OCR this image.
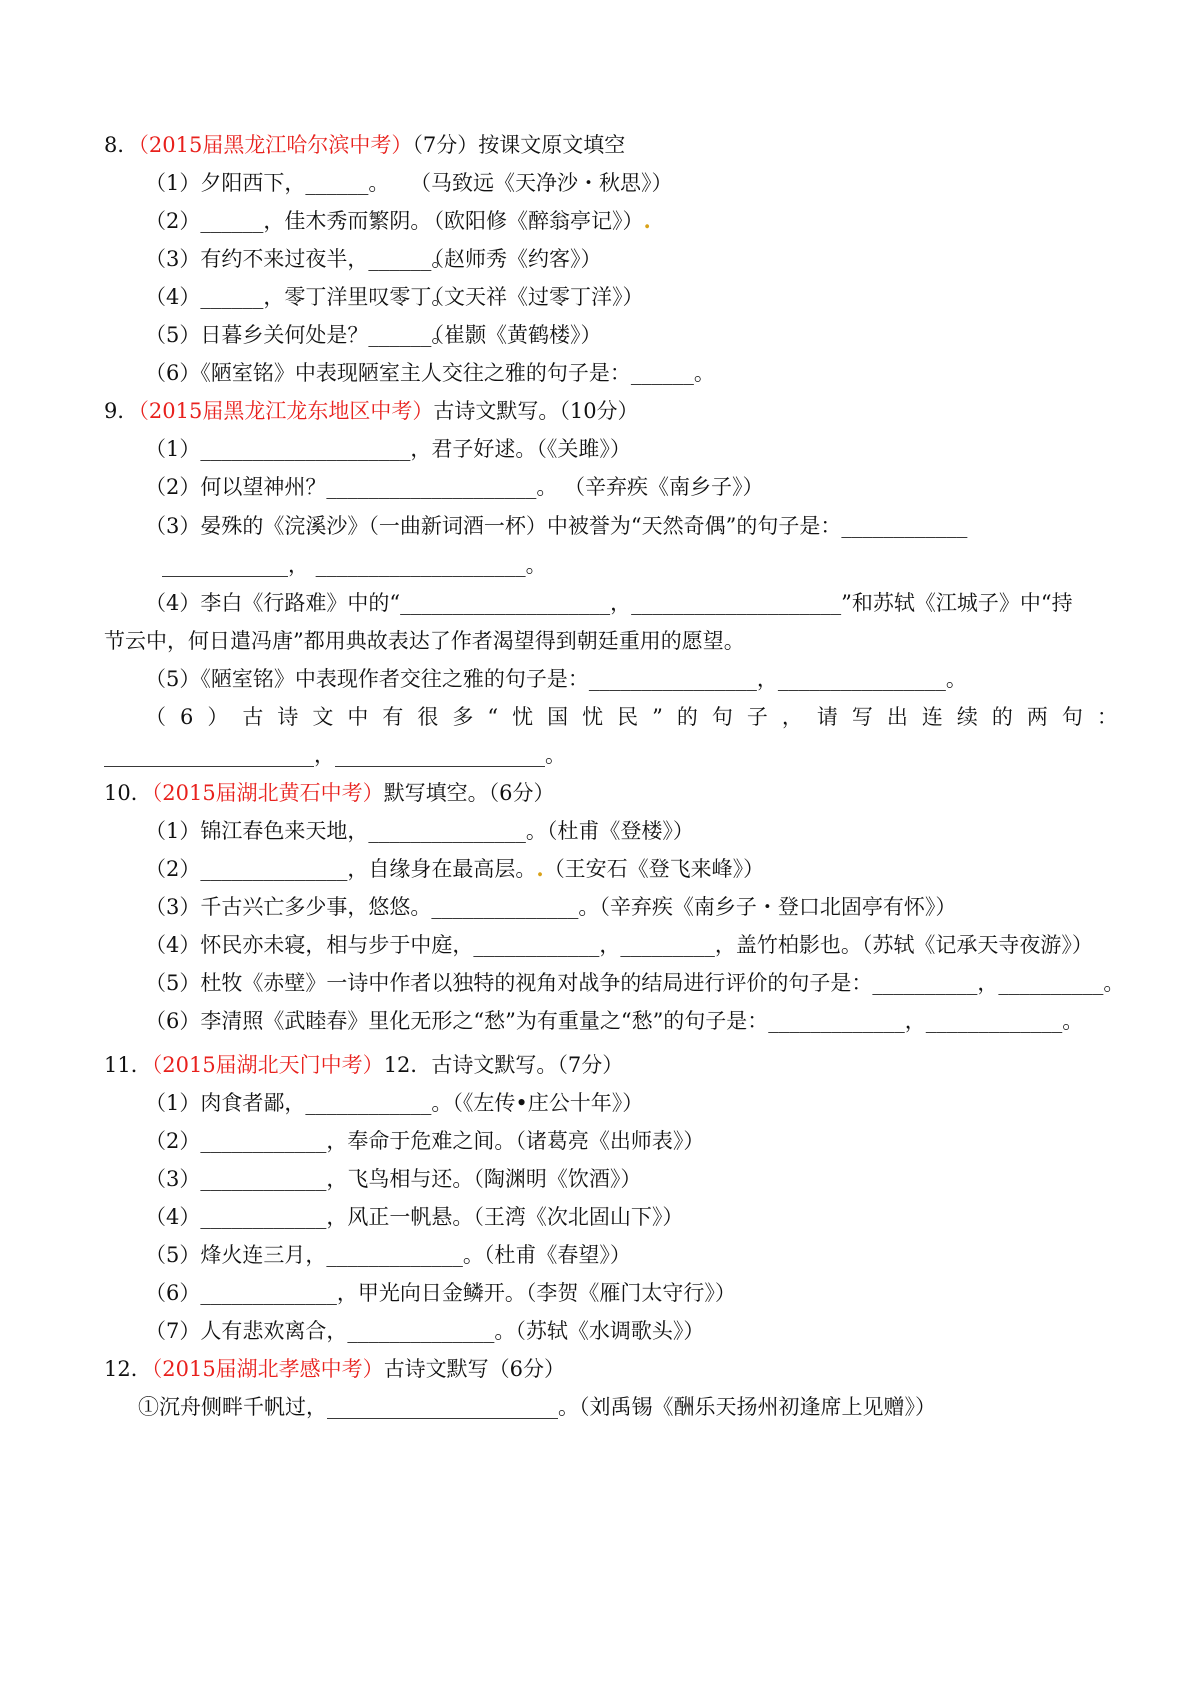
8．（2015届黑龙江哈尔滨中考）（7分）按课文原文填空
（1）夕阳西下，______。 （马致远《天净沙・秋思》）
（2）______，佳木秀而繁阴。
（欧阳修《醉翁亭记》）.
（3）有约不来过夜半，______。
（赵师秀《约客》）
（4）______，零丁洋里叹零丁。
（文天祥《过零丁洋》）
（5）日暮乡关何处是？______。
（崔颢《黄鹤楼》）
（6）《陋室铭》中表现陋室主人交往之雅的句子是：______。
9．（2015届黑龙江龙东地区中考）古诗文默写。（10分）
（1）____________________，君子好逑。（《关雎》）
（2）何以望神州？____________________。 （辛弃疾《南乡子》）
（3）晏殊的《浣溪沙》（一曲新词酒一杯）中被誉为“天然奇偶”的句子是：____________
____________， ____________________。
（4）李白《行路难》中的“____________________，____________________”和苏轼《江城子》中“持
节云中，何日遣冯唐”都用典故表达了作者渴望得到朝廷重用的愿望。
（5）《陋室铭》中表现作者交往之雅的句子是：________________，________________。
（6）古诗文中有很多“忧国忧民”的句子，请写出连续的两句：
____________________，____________________。
10．（2015届湖北黄石中考）默写填空。（6分）
（1）锦江春色来天地，_______________。（杜甫《登楼》）
（2）______________，自缘身在最高层。.（王安石《登飞来峰》）
（3）千古兴亡多少事，悠悠。______________。（辛弃疾《南乡子・登口北固亭有怀》）
（4）怀民亦未寝，相与步于中庭，____________，_________，盖竹柏影也。（苏轼《记承天寺夜游》）
（5）杜牧《赤壁》一诗中作者以独特的视角对战争的结局进行评价的句子是：__________，__________。
（6）李清照《武睦春》里化无形之“愁”为有重量之“愁”的句子是：_____________，_____________。
11．（2015届湖北天门中考）12．古诗文默写。（7分）
（1）肉食者鄙，____________。（《左传•庄公十年》）
（2）____________，奉命于危难之间。（诸葛亮《出师表》）
（3）____________，飞鸟相与还。（陶渊明《饮酒》）
（4）____________，风正一帆悬。（王湾《次北固山下》）
（5）烽火连三月，_____________。（杜甫《春望》）
（6）_____________，甲光向日金鳞开。（李贺《雁门太守行》）
（7）人有悲欢离合，______________。（苏轼《水调歌头》）
12．（2015届湖北孝感中考）古诗文默写（6分）
①沉舟侧畔千帆过，______________________。（刘禹锡《酬乐天扬州初逢席上见赠》）
